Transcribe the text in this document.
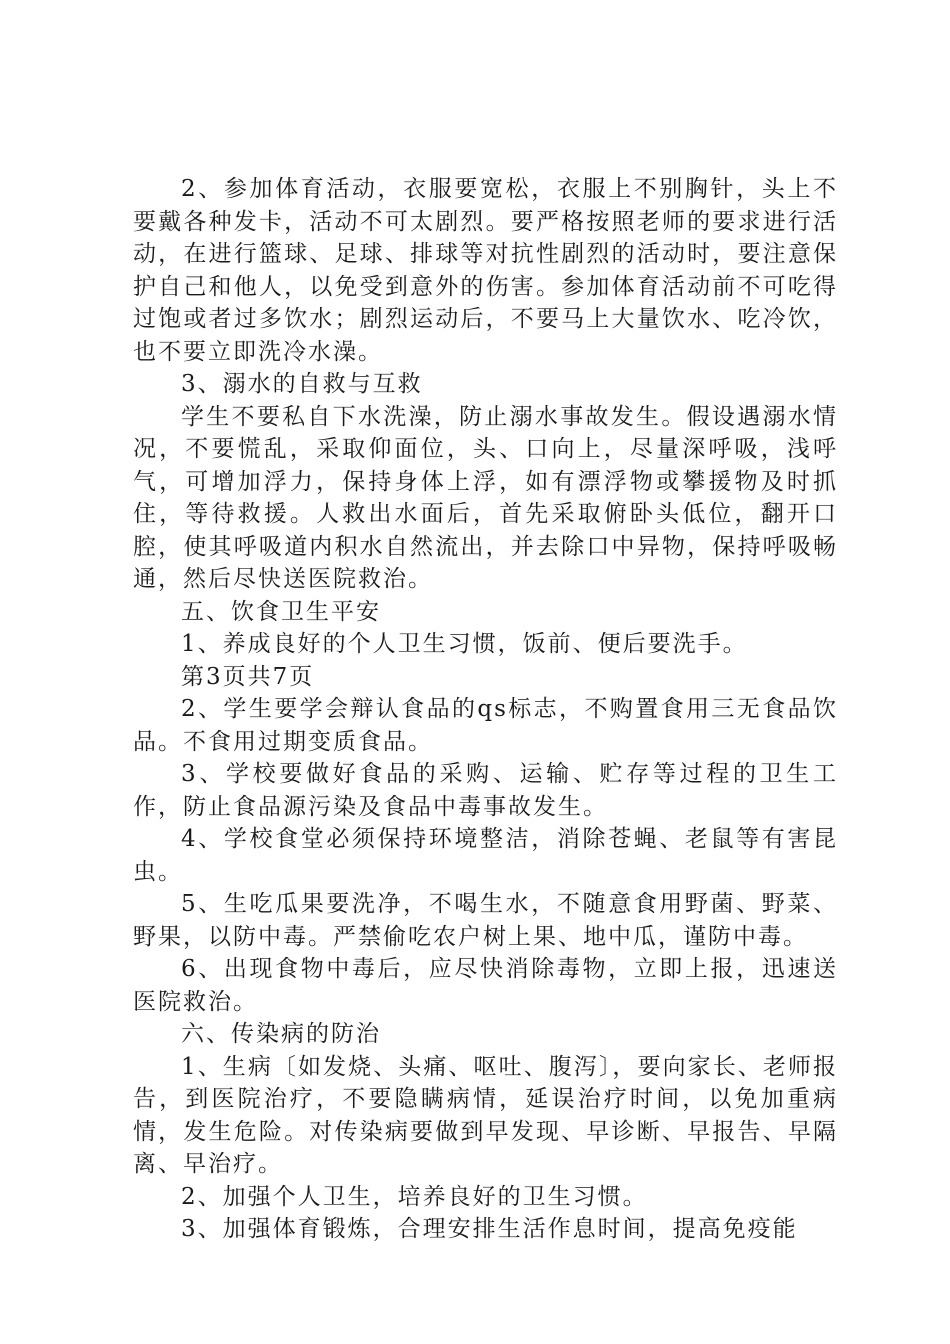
2、参加体育活动，衣服要宽松，衣服上不别胸针，头上不要戴各种发卡，活动不可太剧烈。要严格按照老师的要求进行活动，在进行篮球、足球、排球等对抗性剧烈的活动时，要注意保护自己和他人，以免受到意外的伤害。参加体育活动前不可吃得过饱或者过多饮水；剧烈运动后，不要马上大量饮水、吃冷饮，也不要立即洗冷水澡。

3、溺水的自救与互救

学生不要私自下水洗澡，防止溺水事故发生。假设遇溺水情况，不要慌乱，采取仰面位，头、口向上，尽量深呼吸，浅呼气，可增加浮力，保持身体上浮，如有漂浮物或攀援物及时抓住，等待救援。人救出水面后，首先采取俯卧头低位，翻开口腔，使其呼吸道内积水自然流出，并去除口中异物，保持呼吸畅通，然后尽快送医院救治。

五、饮食卫生平安

1、养成良好的个人卫生习惯，饭前、便后要洗手。

第3页共7页

2、学生要学会辩认食品的qs标志，不购置食用三无食品饮品。不食用过期变质食品。

3、学校要做好食品的采购、运输、贮存等过程的卫生工作，防止食品源污染及食品中毒事故发生。

4、学校食堂必须保持环境整洁，消除苍蝇、老鼠等有害昆虫。

5、生吃瓜果要洗净，不喝生水，不随意食用野菌、野菜、野果，以防中毒。严禁偷吃农户树上果、地中瓜，谨防中毒。

6、出现食物中毒后，应尽快消除毒物，立即上报，迅速送医院救治。

六、传染病的防治

1、生病〔如发烧、头痛、呕吐、腹泻〕，要向家长、老师报告，到医院治疗，不要隐瞒病情，延误治疗时间，以免加重病情，发生危险。对传染病要做到早发现、早诊断、早报告、早隔离、早治疗。

2、加强个人卫生，培养良好的卫生习惯。

3、加强体育锻炼，合理安排生活作息时间，提高免疫能
